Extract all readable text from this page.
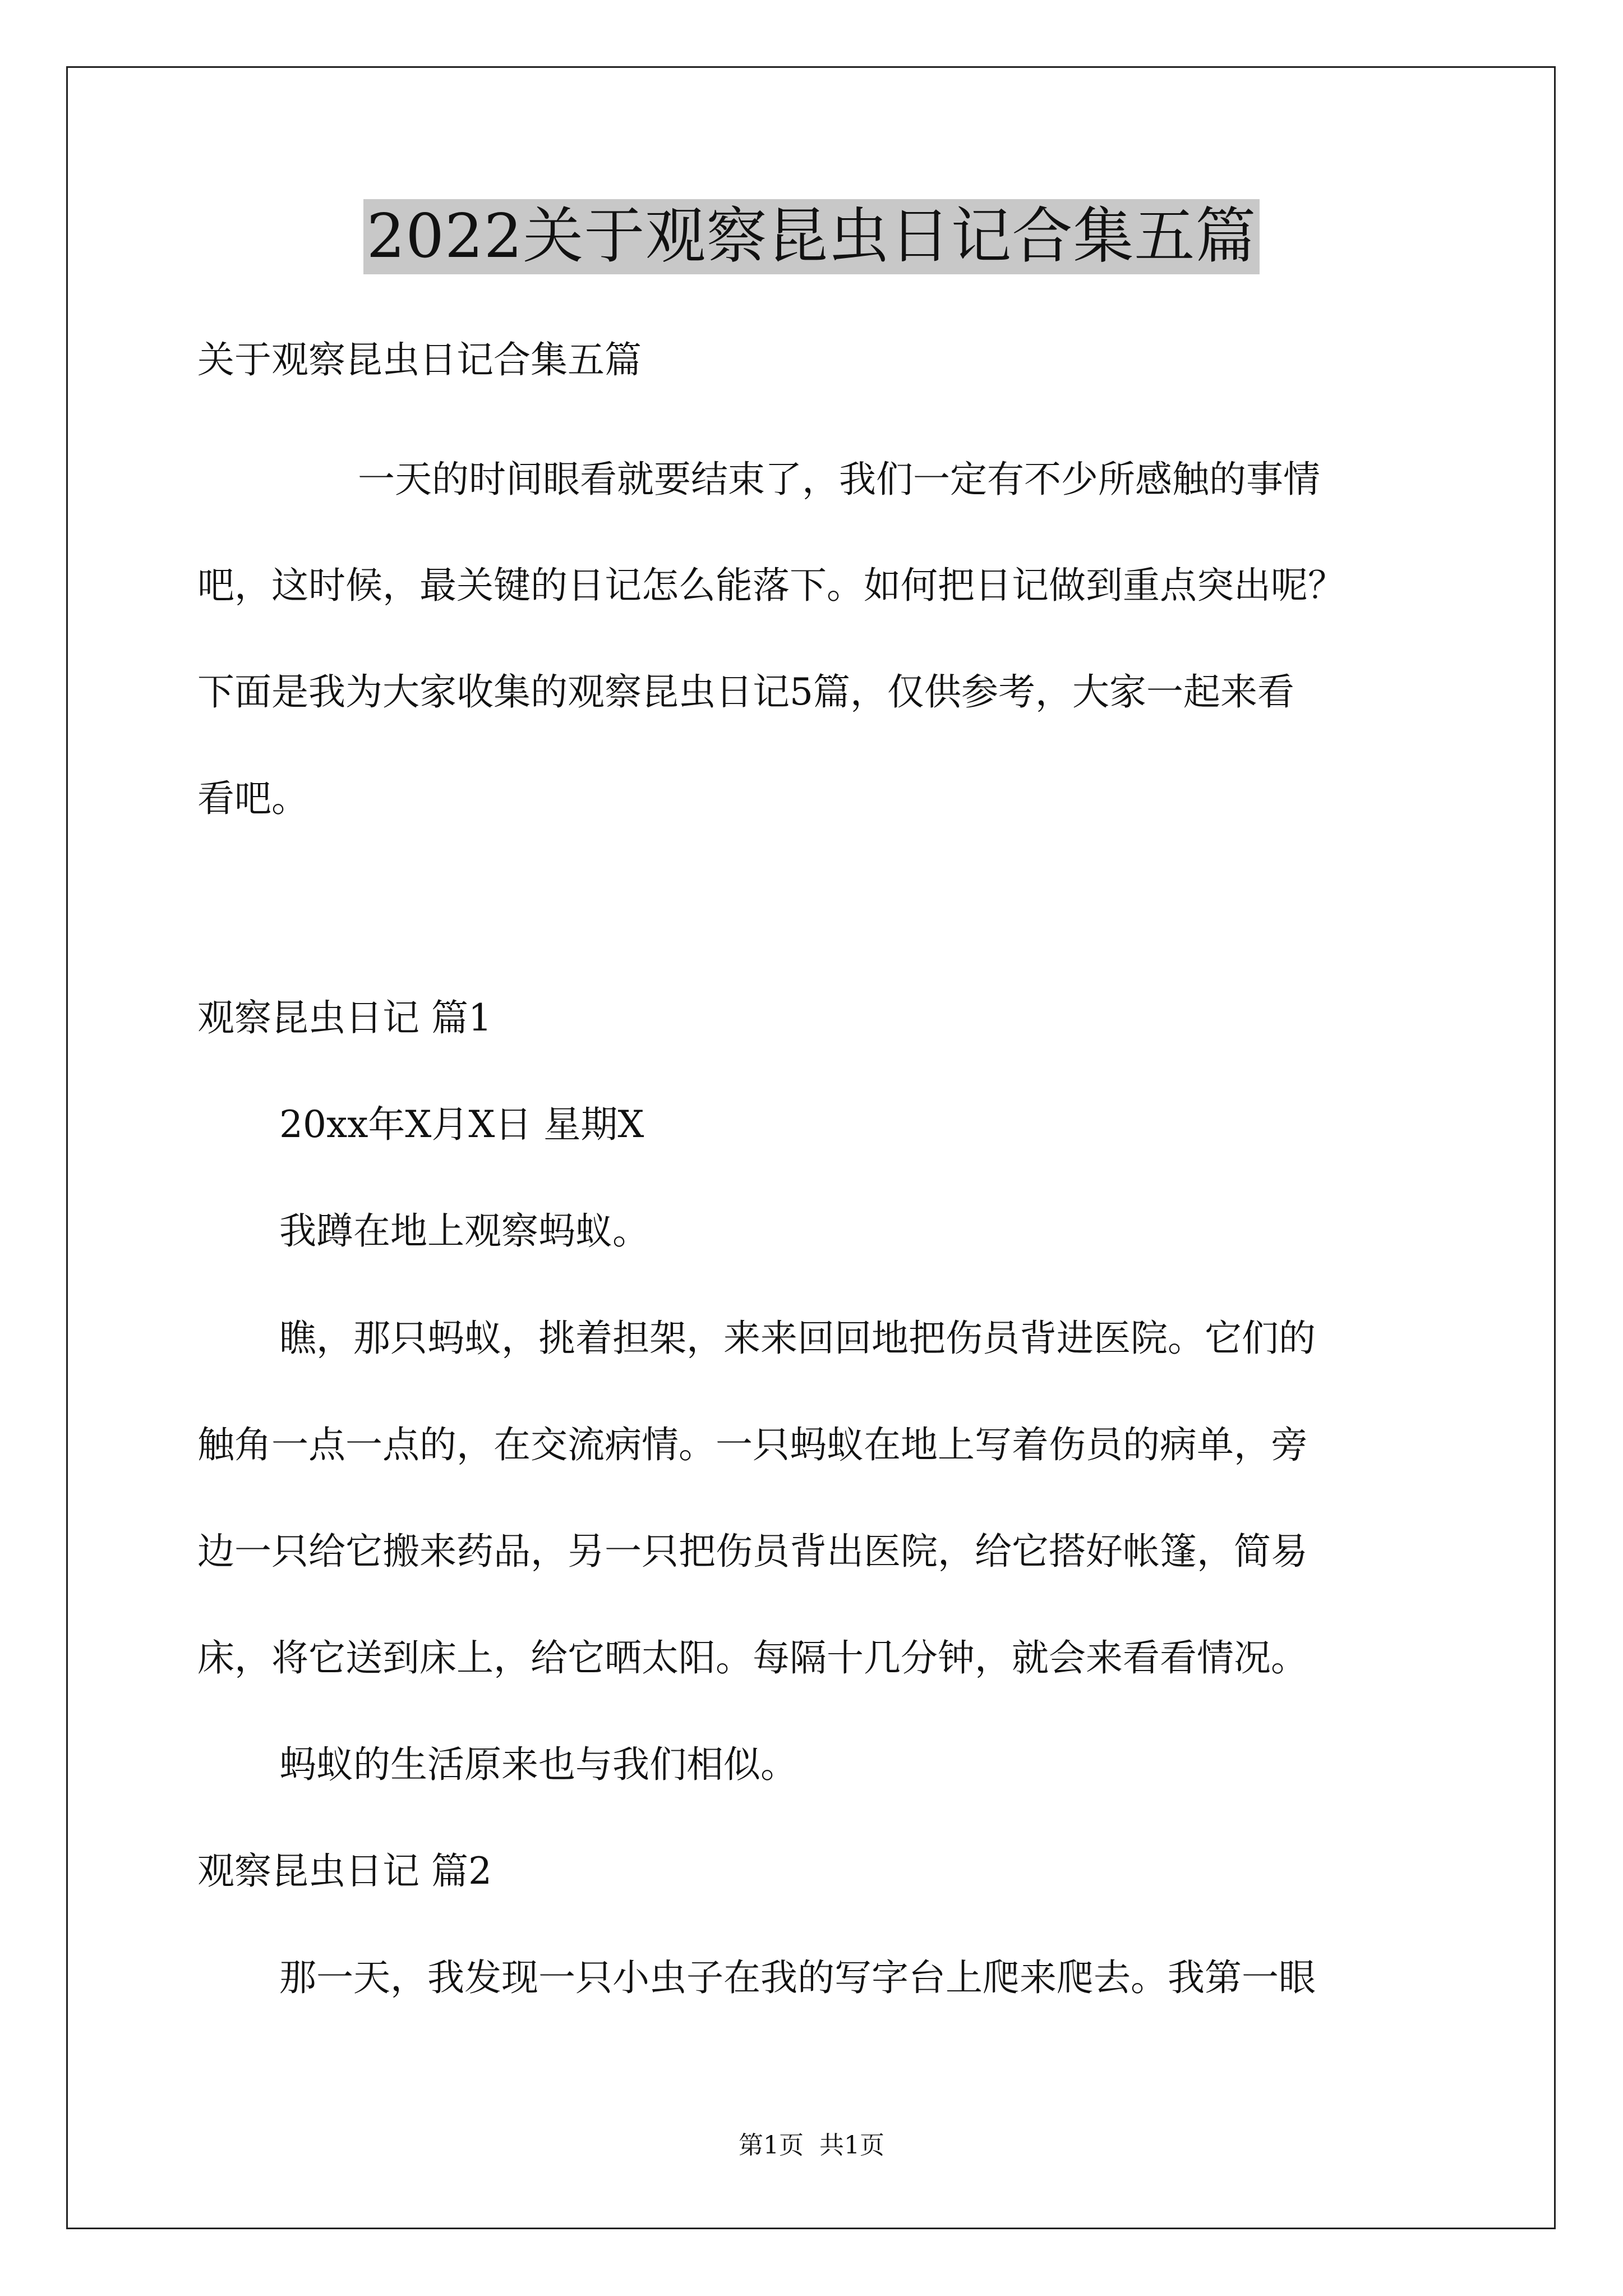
2022关于观察昆虫日记合集五篇
关于观察昆虫日记合集五篇
一天的时间眼看就要结束了，我们一定有不少所感触的事情
吧，这时候，最关键的日记怎么能落下。如何把日记做到重点突出呢？
下面是我为大家收集的观察昆虫日记5篇，仅供参考，大家一起来看
看吧。
观察昆虫日记 篇1
20xx年X月X日 星期X
我蹲在地上观察蚂蚁。
瞧，那只蚂蚁，挑着担架，来来回回地把伤员背进医院。它们的
触角一点一点的，在交流病情。一只蚂蚁在地上写着伤员的病单，旁
边一只给它搬来药品，另一只把伤员背出医院，给它搭好帐篷，简易
床，将它送到床上，给它晒太阳。每隔十几分钟，就会来看看情况。
蚂蚁的生活原来也与我们相似。
观察昆虫日记 篇2
那一天，我发现一只小虫子在我的写字台上爬来爬去。我第一眼
第1页 共1页
